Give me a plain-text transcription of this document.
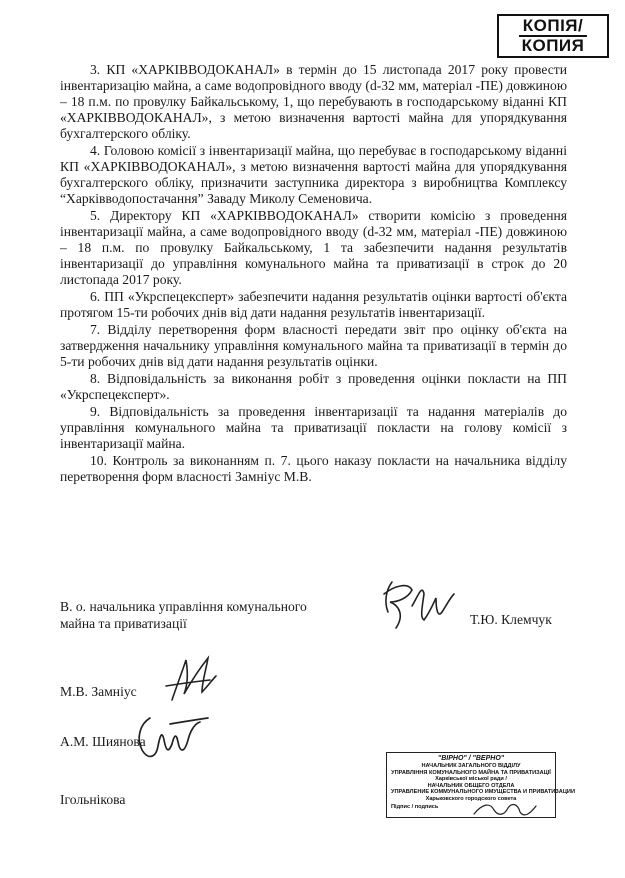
КОПІЯ/
КОПИЯ

3. КП «ХАРКІВВОДОКАНАЛ» в термін до 15 листопада 2017 року провести інвентаризацію майна, а саме водопровідного вводу (d-32 мм, матеріал -ПЕ) довжиною – 18 п.м. по провулку Байкальському, 1, що перебувають в господарському віданні КП «ХАРКІВВОДОКАНАЛ», з метою визначення вартості майна для упорядкування бухгалтерского обліку.

4. Головою комісії з інвентаризації майна, що перебуває в господарському віданні КП «ХАРКІВВОДОКАНАЛ», з метою визначення вартості майна для упорядкування бухгалтерского обліку, призначити заступника директора з виробництва Комплексу “Харківводопостачання” Заваду Миколу Семеновича.

5. Директору КП «ХАРКІВВОДОКАНАЛ» створити комісію з проведення інвентаризації майна, а саме водопровідного вводу (d-32 мм, матеріал -ПЕ) довжиною – 18 п.м. по провулку Байкальському, 1 та забезпечити надання результатів інвентаризації до управління комунального майна та приватизації в строк до 20 листопада 2017 року.

6. ПП «Укрспецексперт» забезпечити надання результатів оцінки вартості об'єкта протягом 15-ти робочих днів від дати надання результатів інвентаризації.

7. Відділу перетворення форм власності передати звіт про оцінку об'єкта на затвердження начальнику управління комунального майна та приватизації в термін до 5-ти робочих днів від дати надання результатів оцінки.

8. Відповідальність за виконання робіт з проведення оцінки покласти на ПП «Укрспецексперт».

9. Відповідальність за проведення інвентаризації та надання матеріалів до управління комунального майна та приватизації покласти на голову комісії з інвентаризації майна.

10. Контроль за виконанням п. 7. цього наказу покласти на начальника відділу перетворення форм власності Замніус М.В.

В. о. начальника управління комунального
майна та приватизації	Т.Ю. Клемчук
М.В. Замніус
А.М. Шиянова
Ігольнікова
"ВІРНО" / "ВЕРНО"
НАЧАЛЬНИК ЗАГАЛЬНОГО ВІДДІЛУ
УПРАВЛІННЯ КОМУНАЛЬНОГО МАЙНА ТА ПРИВАТИЗАЦІЇ
Харківської міської ради /
НАЧАЛЬНИК ОБЩЕГО ОТДЕЛА
УПРАВЛЕНИЕ КОММУНАЛЬНОГО ИМУЩЕСТВА И ПРИВАТИЗАЦИИ
Харьковского городского совета
Підпис / подпись
